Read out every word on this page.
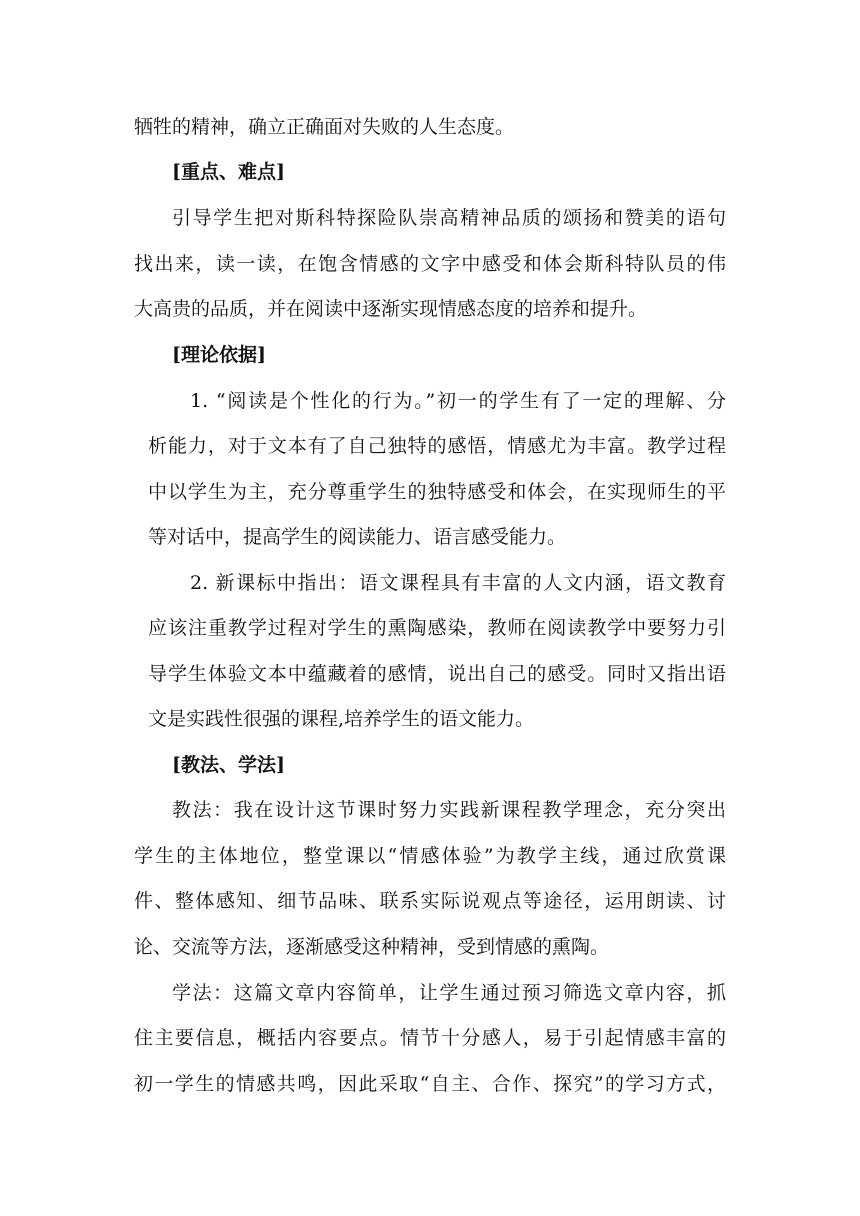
牺牲的精神，确立正确面对失败的人生态度。
[重点、难点]
引导学生把对斯科特探险队崇高精神品质的颂扬和赞美的语句
找出来，读一读，在饱含情感的文字中感受和体会斯科特队员的伟
大高贵的品质，并在阅读中逐渐实现情感态度的培养和提升。
[理论依据]
1. “阅读是个性化的行为。”初一的学生有了一定的理解、分
析能力，对于文本有了自己独特的感悟，情感尤为丰富。教学过程
中以学生为主，充分尊重学生的独特感受和体会，在实现师生的平
等对话中，提高学生的阅读能力、语言感受能力。
2. 新课标中指出：语文课程具有丰富的人文内涵，语文教育
应该注重教学过程对学生的熏陶感染，教师在阅读教学中要努力引
导学生体验文本中蕴藏着的感情，说出自己的感受。同时又指出语
文是实践性很强的课程,培养学生的语文能力。
[教法、学法]
教法：我在设计这节课时努力实践新课程教学理念，充分突出
学生的主体地位，整堂课以“情感体验”为教学主线，通过欣赏课
件、整体感知、细节品味、联系实际说观点等途径，运用朗读、讨
论、交流等方法，逐渐感受这种精神，受到情感的熏陶。
学法：这篇文章内容简单，让学生通过预习筛选文章内容，抓
住主要信息，概括内容要点。情节十分感人，易于引起情感丰富的
初一学生的情感共鸣，因此采取“自主、合作、探究”的学习方式，
